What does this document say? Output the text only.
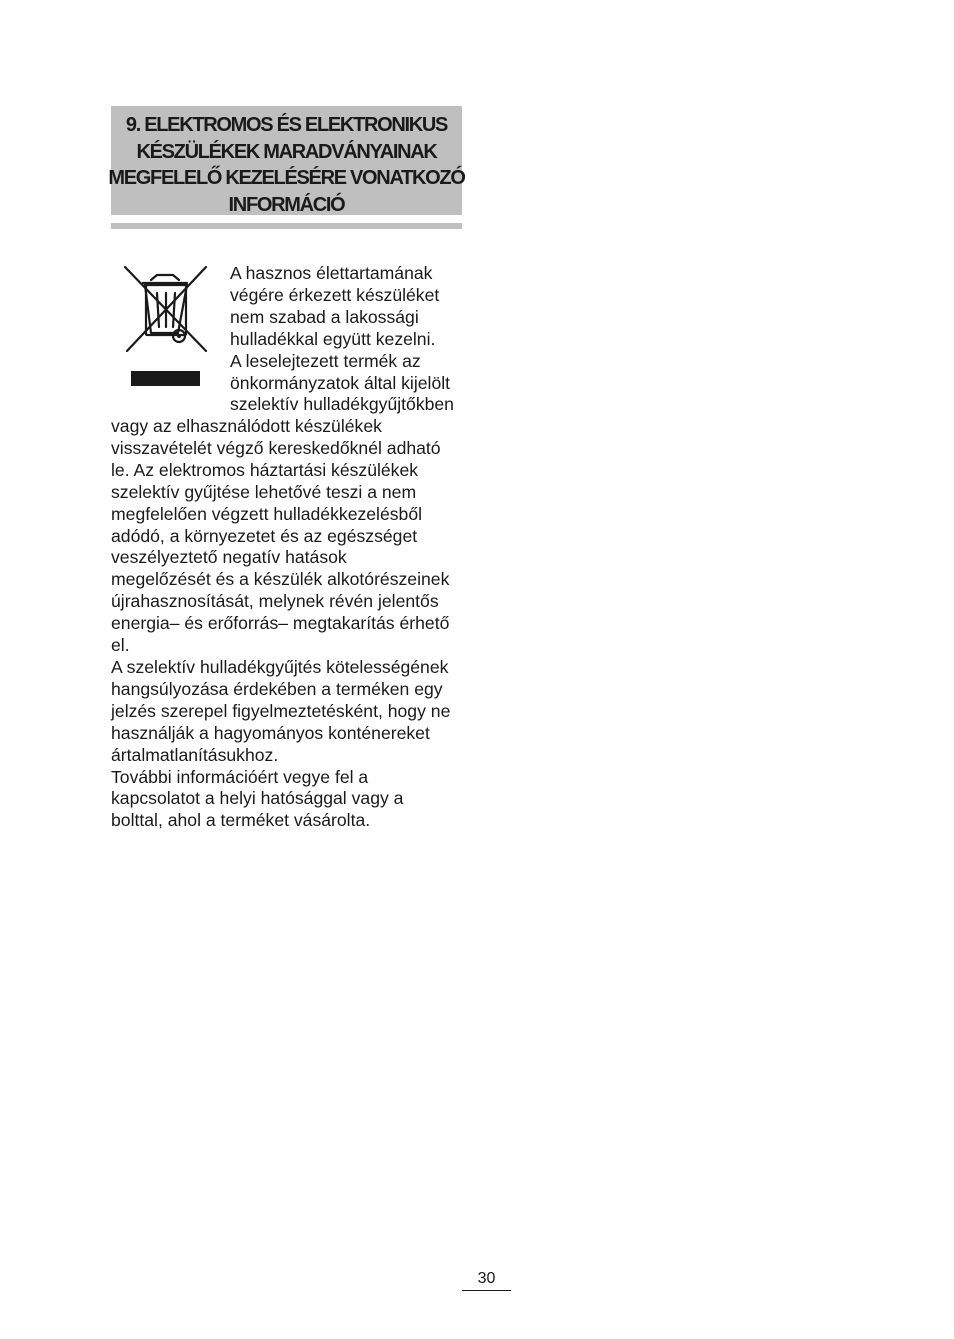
9. ELEKTROMOS ÉS ELEKTRONIKUS
KÉSZÜLÉKEK MARADVÁNYAINAK
MEGFELELŐ KEZELÉSÉRE VONATKOZÓ
INFORMÁCIÓ
A hasznos élettartamának
végére érkezett készüléket
nem szabad a lakossági
hulladékkal együtt kezelni.
A leselejtezett termék az
önkormányzatok által kijelölt
szelektív hulladékgyűjtőkben
vagy az elhasználódott készülékek
visszavételét végző kereskedőknél adható
le. Az elektromos háztartási készülékek
szelektív gyűjtése lehetővé teszi a nem
megfelelően végzett hulladékkezelésből
adódó, a környezetet és az egészséget
veszélyeztető negatív hatások
megelőzését és a készülék alkotórészeinek
újrahasznosítását, melynek révén jelentős
energia– és erőforrás– megtakarítás érhető
el.
A szelektív hulladékgyűjtés kötelességének
hangsúlyozása érdekében a terméken egy
jelzés szerepel figyelmeztetésként, hogy ne
használják a hagyományos konténereket
ártalmatlanításukhoz.
További információért vegye fel a
kapcsolatot a helyi hatósággal vagy a
bolttal, ahol a terméket vásárolta.
30
